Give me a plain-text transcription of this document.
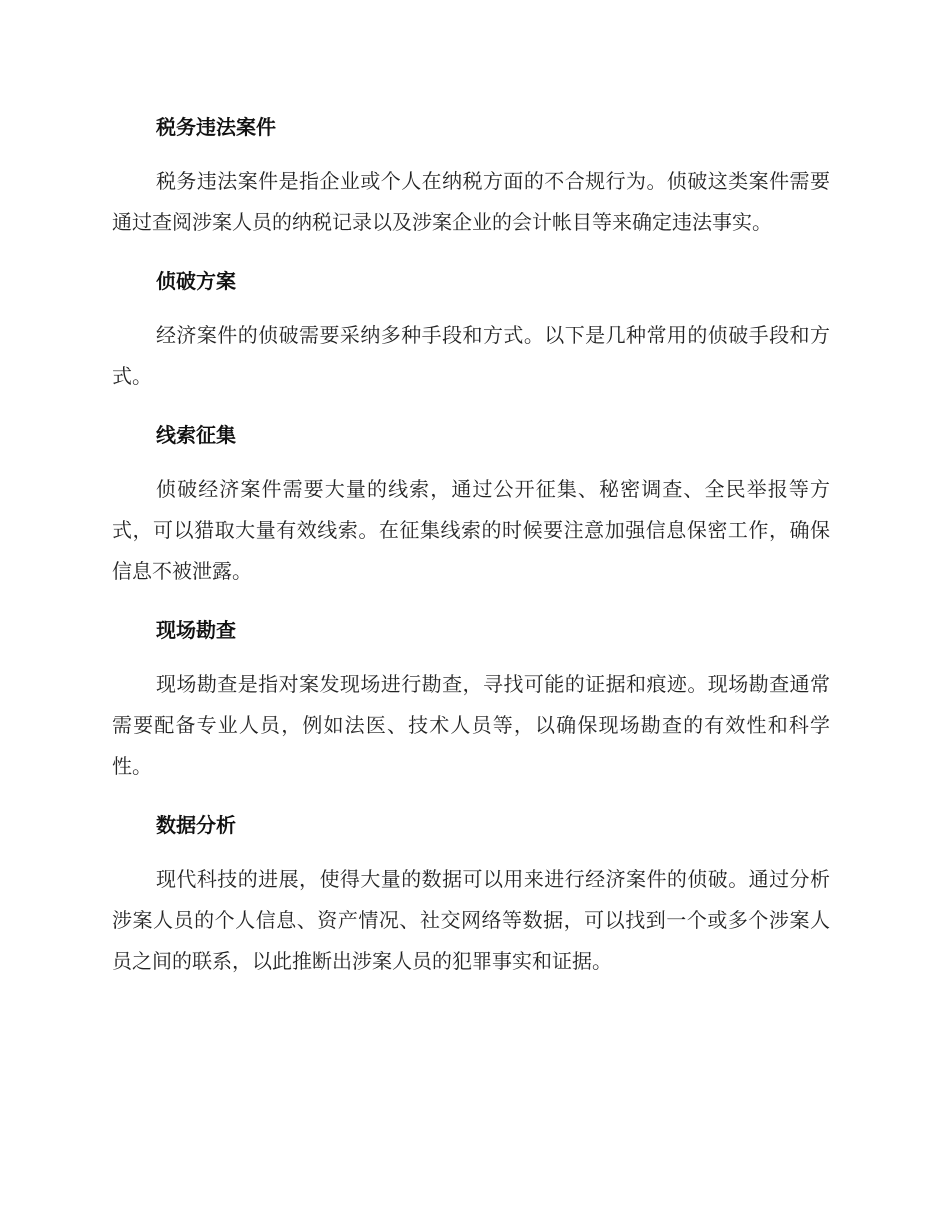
税务违法案件

税务违法案件是指企业或个人在纳税方面的不合规行为。侦破这类案件需要通过查阅涉案人员的纳税记录以及涉案企业的会计帐目等来确定违法事实。

侦破方案

经济案件的侦破需要采纳多种手段和方式。以下是几种常用的侦破手段和方式。

线索征集

侦破经济案件需要大量的线索，通过公开征集、秘密调查、全民举报等方式，可以猎取大量有效线索。在征集线索的时候要注意加强信息保密工作，确保信息不被泄露。

现场勘查

现场勘查是指对案发现场进行勘查，寻找可能的证据和痕迹。现场勘查通常需要配备专业人员，例如法医、技术人员等，以确保现场勘查的有效性和科学性。

数据分析

现代科技的进展，使得大量的数据可以用来进行经济案件的侦破。通过分析涉案人员的个人信息、资产情况、社交网络等数据，可以找到一个或多个涉案人员之间的联系，以此推断出涉案人员的犯罪事实和证据。
